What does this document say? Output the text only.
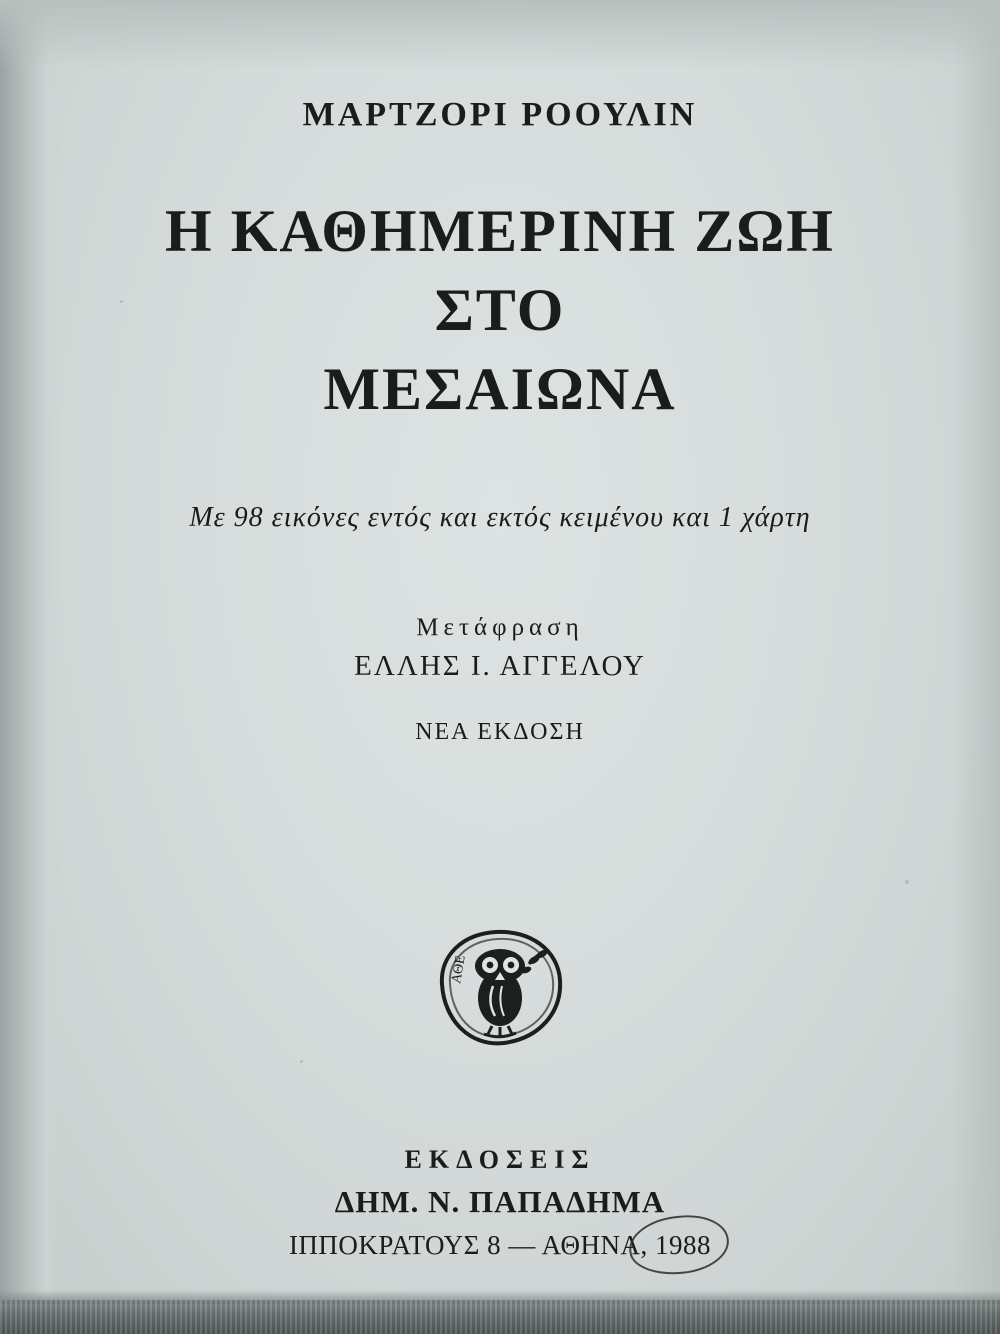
ΜΑΡΤΖΟΡΙ ΡΟΟΥΛΙΝ
Η ΚΑΘΗΜΕΡΙΝΗ ΖΩΗ
ΣΤΟ
ΜΕΣΑΙΩΝΑ
Με 98 εικόνες εντός και εκτός κειμένου και 1 χάρτη
Μετάφραση
ΕΛΛΗΣ Ι. ΑΓΓΕΛΟΥ
ΝΕΑ ΕΚΔΟΣΗ
ΑΘΕ
ΕΚΔΟΣΕΙΣ
ΔΗΜ. Ν. ΠΑΠΑΔΗΜΑ
ΙΠΠΟΚΡΑΤΟΥΣ 8 — ΑΘΗΝΑ, 1988
